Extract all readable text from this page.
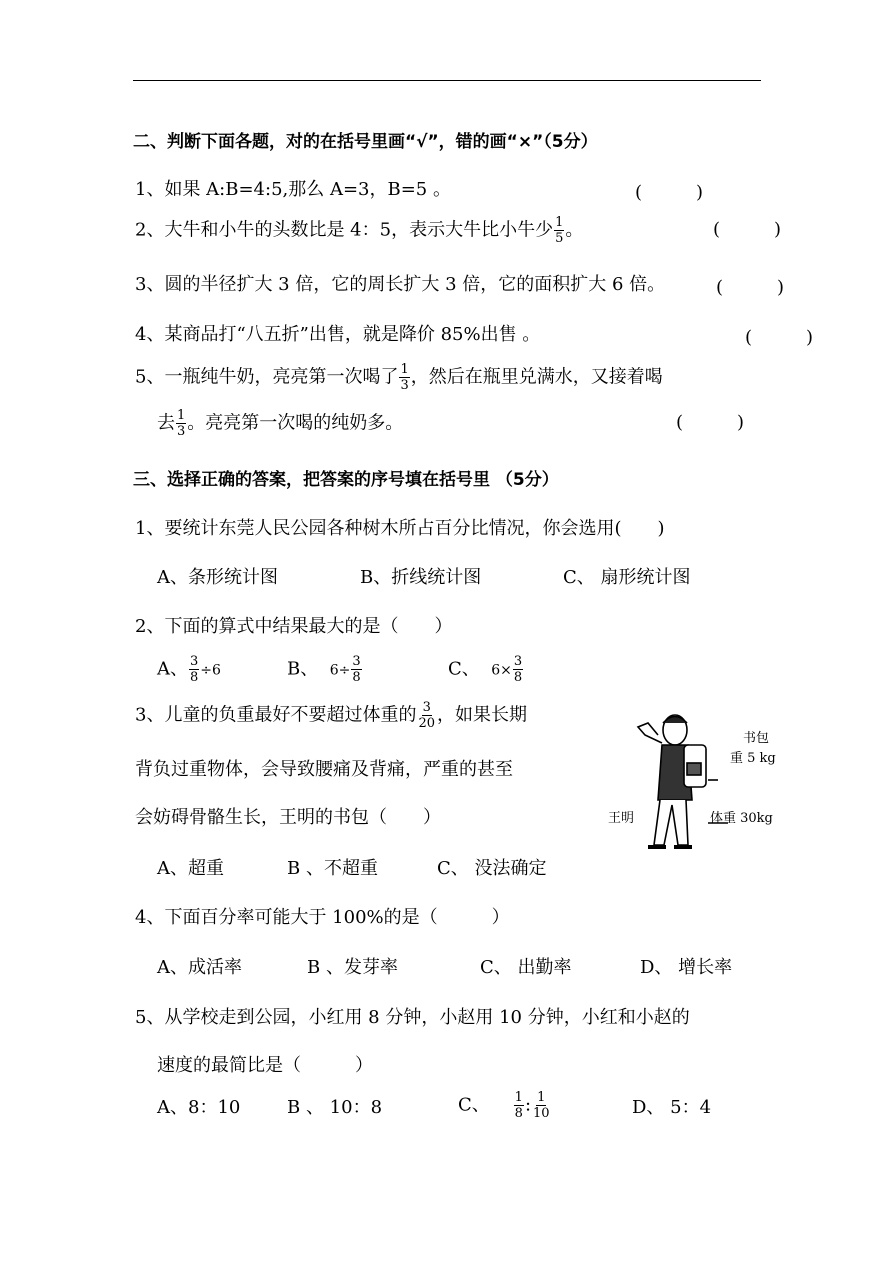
二、判断下面各题，对的在括号里画“√”，错的画“×”（5分）
1、如果 A:B=4:5,那么 A=3，B=5 。	(　　　)
2、大牛和小牛的头数比是 4：5，表示大牛比小牛少 $\frac{1}{5}$ 。	(　　　)
3、圆的半径扩大 3 倍，它的周长扩大 3 倍，它的面积扩大 6 倍。	(　　　)
4、某商品打“八五折”出售，就是降价 85%出售 。	(　　　)
5、一瓶纯牛奶，亮亮第一次喝了 $\frac{1}{3}$ ，然后在瓶里兑满水，又接着喝
去 $\frac{1}{3}$ 。亮亮第一次喝的纯奶多。	(　　　)
三、选择正确的答案，把答案的序号填在括号里 （5分）
1、要统计东莞人民公园各种树木所占百分比情况，你会选用(　　)
A、条形统计图	B、折线统计图	C、 扇形统计图
2、下面的算式中结果最大的是（　　）
A、 $\frac{3}{8} \div 6$	B、 $6\div \frac{3}{8}$	C、 $6\times \frac{3}{8}$
3、儿童的负重最好不要超过体重的 $\frac{3}{20}$ ，如果长期
背负过重物体，会导致腰痛及背痛，严重的甚至
会妨碍骨骼生长，王明的书包（　　）
A、超重	B 、不超重	C、 没法确定
书包
重 5 kg
王明	体重 30kg
4、下面百分率可能大于 100%的是（　　　）
A、成活率	B 、发芽率	C、 出勤率	D、 增长率
5、从学校走到公园，小红用 8 分钟，小赵用 10 分钟，小红和小赵的
速度的最简比是（　　　）
A、8：10	B 、 10：8	C、 $\frac{1}{8}$ : $\frac{1}{10}$	D、 5：4
